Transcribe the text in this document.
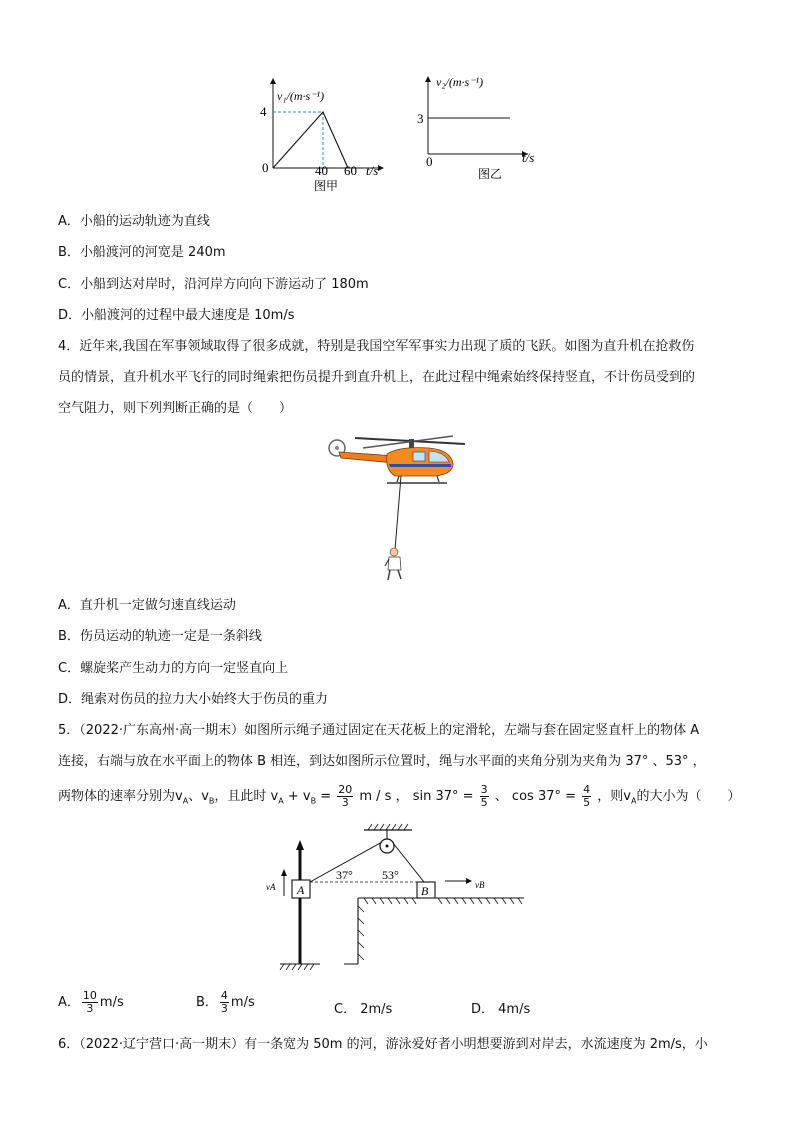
v₁/(m·s⁻¹)
4
0	40 60 t/s
图甲
v₂/(m·s⁻¹)
3
0	t/s
图乙
A．小船的运动轨迹为直线
B．小船渡河的河宽是 240m
C．小船到达对岸时，沿河岸方向向下游运动了 180m
D．小船渡河的过程中最大速度是 10m/s
4．近年来,我国在军事领域取得了很多成就，特别是我国空军军事实力出现了质的飞跃。如图为直升机在抢救伤
员的情景，直升机水平飞行的同时绳索把伤员提升到直升机上，在此过程中绳索始终保持竖直，不计伤员受到的
空气阻力，则下列判断正确的是（　　）
A．直升机一定做匀速直线运动
B．伤员运动的轨迹一定是一条斜线
C．螺旋桨产生动力的方向一定竖直向上
D．绳索对伤员的拉力大小始终大于伤员的重力
5．（2022·广东高州·高一期末）如图所示绳子通过固定在天花板上的定滑轮，左端与套在固定竖直杆上的物体 A
连接，右端与放在水平面上的物体 B 相连，到达如图所示位置时，绳与水平面的夹角分别为夹角为 37° 、53° ，
两物体的速率分别为$v_A$、$v_B$，且此时 $v_A + v_B = \frac{20}{3}$ m / s ， $\sin 37^\circ = \frac{3}{5}$ 、 $\cos 37^\circ = \frac{4}{5}$ ，则$v_A$的大小为（　　）
A
vA
37° 53°
B	vB
A． $\frac{10}{3} m/s$	B． $\frac{4}{3} m/s$	C． 2m/s	D． 4m/s
6．（2022·辽宁营口·高一期末）有一条宽为 50m 的河，游泳爱好者小明想要游到对岸去，水流速度为 2m/s，小
